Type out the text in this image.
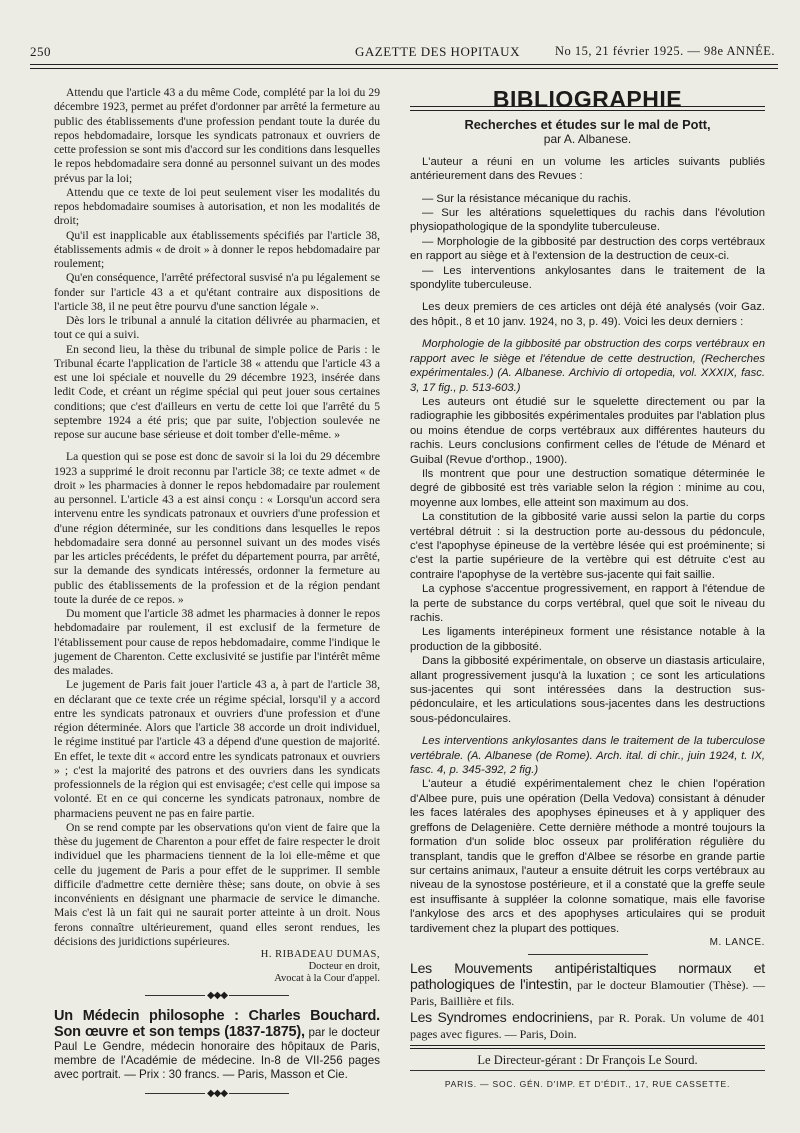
250	GAZETTE DES HOPITAUX	No 15, 21 février 1925. — 98e ANNÉE.

Attendu que l'article 43 a du même Code, complété par la loi du 29 décembre 1923, permet au préfet d'ordonner par arrêté la fermeture au public des établissements d'une profession pendant toute la durée du repos hebdomadaire, lorsque les syndicats patronaux et ouvriers de cette profession se sont mis d'accord sur les conditions dans lesquelles le repos hebdomadaire sera donné au personnel suivant un des modes prévus par la loi;

Attendu que ce texte de loi peut seulement viser les modalités du repos hebdomadaire soumises à autorisation, et non les modalités de droit;

Qu'il est inapplicable aux établissements spécifiés par l'article 38, établissements admis « de droit » à donner le repos hebdomadaire par roulement;

Qu'en conséquence, l'arrêté préfectoral susvisé n'a pu légalement se fonder sur l'article 43 a et qu'étant contraire aux dispositions de l'article 38, il ne peut être pourvu d'une sanction légale ».

Dès lors le tribunal a annulé la citation délivrée au pharmacien, et tout ce qui a suivi.

En second lieu, la thèse du tribunal de simple police de Paris : le Tribunal écarte l'application de l'article 38 « attendu que l'article 43 a est une loi spéciale et nouvelle du 29 décembre 1923, insérée dans ledit Code, et créant un régime spécial qui peut jouer sous certaines conditions; que c'est d'ailleurs en vertu de cette loi que l'arrêté du 5 septembre 1924 a été pris; que par suite, l'objection soulevée ne repose sur aucune base sérieuse et doit tomber d'elle-même. »

La question qui se pose est donc de savoir si la loi du 29 décembre 1923 a supprimé le droit reconnu par l'article 38; ce texte admet « de droit » les pharmacies à donner le repos hebdomadaire par roulement au personnel. L'article 43 a est ainsi conçu : « Lorsqu'un accord sera intervenu entre les syndicats patronaux et ouvriers d'une profession et d'une région déterminée, sur les conditions dans lesquelles le repos hebdomadaire sera donné au personnel suivant un des modes visés par les articles précédents, le préfet du département pourra, par arrêté, sur la demande des syndicats intéressés, ordonner la fermeture au public des établissements de la profession et de la région pendant toute la durée de ce repos. »

Du moment que l'article 38 admet les pharmacies à donner le repos hebdomadaire par roulement, il est exclusif de la fermeture de l'établissement pour cause de repos hebdomadaire, comme l'indique le jugement de Charenton. Cette exclusivité se justifie par l'intérêt même des malades.

Le jugement de Paris fait jouer l'article 43 a, à part de l'article 38, en déclarant que ce texte crée un régime spécial, lorsqu'il y a accord entre les syndicats patronaux et ouvriers d'une profession et d'une région déterminée. Alors que l'article 38 accorde un droit individuel, le régime institué par l'article 43 a dépend d'une question de majorité. En effet, le texte dit « accord entre les syndicats patronaux et ouvriers » ; c'est la majorité des patrons et des ouvriers dans les syndicats professionnels de la région qui est envisagée; c'est celle qui impose sa volonté. Et en ce qui concerne les syndicats patronaux, nombre de pharmaciens peuvent ne pas en faire partie.

On se rend compte par les observations qu'on vient de faire que la thèse du jugement de Charenton a pour effet de faire respecter le droit individuel que les pharmaciens tiennent de la loi elle-même et que celle du jugement de Paris a pour effet de le supprimer. Il semble difficile d'admettre cette dernière thèse; sans doute, on obvie à ses inconvénients en désignant une pharmacie de service le dimanche. Mais c'est là un fait qui ne saurait porter atteinte à un droit. Nous ferons connaître ultérieurement, quand elles seront rendues, les décisions des juridictions supérieures.

H. RIBADEAU DUMAS,
Docteur en droit,
Avocat à la Cour d'appel.
◆◆◆

Un Médecin philosophe : Charles Bouchard. Son œuvre et son temps (1837-1875), par le docteur Paul Le Gendre, médecin honoraire des hôpitaux de Paris, membre de l'Académie de médecine. In-8 de VII-256 pages avec portrait. — Prix : 30 francs. — Paris, Masson et Cie.

◆◆◆
BIBLIOGRAPHIE
Recherches et études sur le mal de Pott,
par A. Albanese.

L'auteur a réuni en un volume les articles suivants publiés antérieurement dans des Revues :

— Sur la résistance mécanique du rachis.

— Sur les altérations squelettiques du rachis dans l'évolution physiopathologique de la spondylite tuberculeuse.

— Morphologie de la gibbosité par destruction des corps vertébraux en rapport au siège et à l'extension de la destruction de ceux-ci.

— Les interventions ankylosantes dans le traitement de la spondylite tuberculeuse.

Les deux premiers de ces articles ont déjà été analysés (voir Gaz. des hôpit., 8 et 10 janv. 1924, no 3, p. 49). Voici les deux derniers :

Morphologie de la gibbosité par obstruction des corps vertébraux en rapport avec le siège et l'étendue de cette destruction, (Recherches expérimentales.) (A. Albanese. Archivio di ortopedia, vol. XXXIX, fasc. 3, 17 fig., p. 513-603.)

Les auteurs ont étudié sur le squelette directement ou par la radiographie les gibbosités expérimentales produites par l'ablation plus ou moins étendue de corps vertébraux aux différentes hauteurs du rachis. Leurs conclusions confirment celles de l'étude de Ménard et Guibal (Revue d'orthop., 1900).

Ils montrent que pour une destruction somatique déterminée le degré de gibbosité est très variable selon la région : minime au cou, moyenne aux lombes, elle atteint son maximum au dos.

La constitution de la gibbosité varie aussi selon la partie du corps vertébral détruit : si la destruction porte au-dessous du pédoncule, c'est l'apophyse épineuse de la vertèbre lésée qui est proéminente; si c'est la partie supérieure de la vertèbre qui est détruite c'est au contraire l'apophyse de la vertèbre sus-jacente qui fait saillie.

La cyphose s'accentue progressivement, en rapport à l'étendue de la perte de substance du corps vertébral, quel que soit le niveau du rachis.

Les ligaments interépineux forment une résistance notable à la production de la gibbosité.

Dans la gibbosité expérimentale, on observe un diastasis articulaire, allant progressivement jusqu'à la luxation ; ce sont les articulations sus-jacentes qui sont intéressées dans la destruction sus-pédonculaire, et les articulations sous-jacentes dans les destructions sous-pédonculaires.

Les interventions ankylosantes dans le traitement de la tuberculose vertébrale. (A. Albanese (de Rome). Arch. ital. di chir., juin 1924, t. IX, fasc. 4, p. 345-392, 2 fig.)

L'auteur a étudié expérimentalement chez le chien l'opération d'Albee pure, puis une opération (Della Vedova) consistant à dénuder les faces latérales des apophyses épineuses et à y appliquer des greffons de Delagenière. Cette dernière méthode a montré toujours la formation d'un solide bloc osseux par prolifération régulière du transplant, tandis que le greffon d'Albee se résorbe en grande partie sur certains animaux, l'auteur a ensuite détruit les corps vertébraux au niveau de la synostose postérieure, et il a constaté que la greffe seule est insuffisante à suppléer la colonne somatique, mais elle favorise l'ankylose des arcs et des apophyses articulaires qui se produit tardivement chez la plupart des pottiques.

M. LANCE.

Les Mouvements antipéristaltiques normaux et pathologiques de l'intestin, par le docteur Blamoutier (Thèse). — Paris, Baillière et fils.

Les Syndromes endocriniens, par R. Porak. Un volume de 401 pages avec figures. — Paris, Doin.

Le Directeur-gérant : Dr François Le Sourd.
PARIS. — SOC. GÉN. D'IMP. ET D'ÉDIT., 17, RUE CASSETTE.
